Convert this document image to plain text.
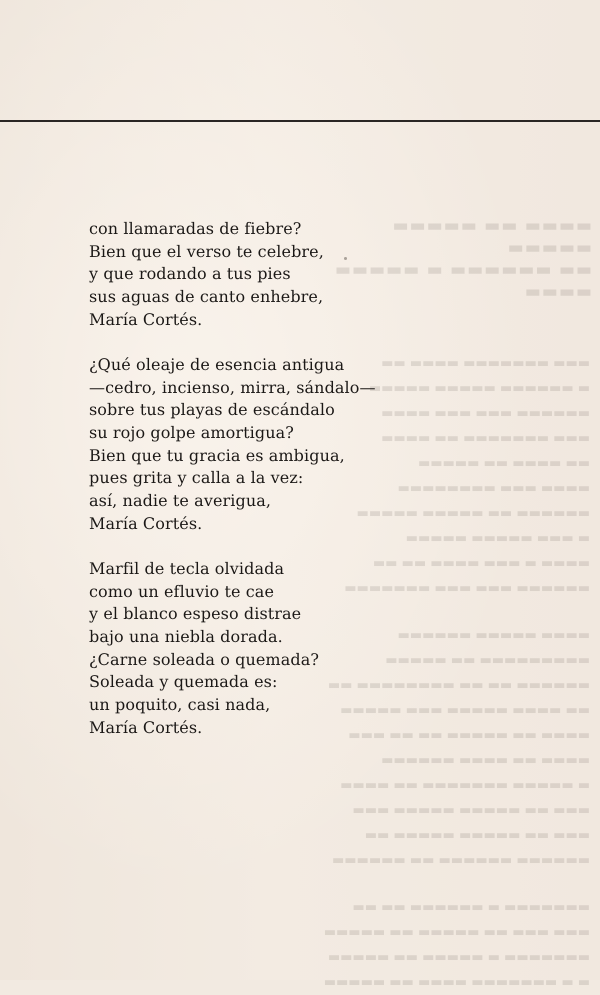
▬▬▬▬ ▬▬ ▬▬▬▬▬ ▬▬▬▬▬
▬▬ ▬▬▬▬▬▬ ▬ ▬▬▬▬▬ ▬▬▬▬
▬▬▬ ▬▬▬▬▬▬▬ ▬▬▬▬ ▬▬
▬ ▬▬▬▬▬▬ ▬▬▬▬▬ ▬▬▬▬▬
▬▬▬▬▬▬ ▬▬▬ ▬▬▬ ▬▬▬▬
▬▬▬ ▬▬▬▬▬▬▬ ▬▬ ▬▬▬▬
▬▬ ▬▬▬▬ ▬▬ ▬▬▬▬▬
▬▬▬▬ ▬▬▬ ▬▬▬▬▬▬▬▬
▬▬▬▬▬▬ ▬▬ ▬▬▬▬▬ ▬▬▬▬▬
▬ ▬▬▬ ▬▬▬▬▬ ▬▬▬▬▬
▬▬▬▬ ▬ ▬▬▬ ▬▬▬▬ ▬▬ ▬▬
▬▬▬▬▬▬ ▬▬▬ ▬▬▬ ▬▬▬▬▬▬▬
▬▬▬▬ ▬▬▬▬▬ ▬▬▬▬▬▬
▬▬▬▬▬▬▬▬▬ ▬▬ ▬▬▬▬▬
▬▬▬▬▬▬ ▬▬ ▬▬ ▬▬▬▬▬▬▬▬ ▬▬
▬▬ ▬▬▬▬ ▬▬▬▬▬ ▬▬▬ ▬▬▬▬▬
▬▬▬▬ ▬▬ ▬▬▬▬▬ ▬▬ ▬▬ ▬▬▬
▬▬▬▬ ▬▬ ▬▬▬▬ ▬▬▬▬▬▬
▬ ▬▬▬▬▬ ▬▬▬▬▬▬▬ ▬▬ ▬▬▬▬
▬▬▬ ▬▬ ▬▬▬▬▬ ▬▬▬▬▬ ▬▬▬
▬▬▬ ▬▬ ▬▬▬▬▬ ▬▬▬▬▬ ▬▬
▬▬▬▬▬▬ ▬▬▬▬▬▬ ▬▬ ▬▬▬▬▬▬
▬▬▬▬▬▬▬ ▬ ▬▬▬▬▬▬ ▬▬ ▬▬
▬▬▬ ▬▬▬ ▬▬ ▬▬▬▬▬ ▬▬ ▬▬▬▬▬
▬▬▬▬▬▬▬ ▬ ▬▬▬▬▬ ▬▬ ▬▬▬▬▬
▬ ▬ ▬▬▬▬▬▬▬ ▬▬▬▬ ▬▬ ▬▬▬▬▬
con llamaradas de fiebre?
Bien que el verso te celebre,
y que rodando a tus pies
sus aguas de canto enhebre,
María Cortés.
¿Qué oleaje de esencia antigua
—cedro, incienso, mirra, sándalo—
sobre tus playas de escándalo
su rojo golpe amortigua?
Bien que tu gracia es ambigua,
pues grita y calla a la vez:
así, nadie te averigua,
María Cortés.
Marfil de tecla olvidada
como un efluvio te cae
y el blanco espeso distrae
bajo una niebla dorada.
¿Carne soleada o quemada?
Soleada y quemada es:
un poquito, casi nada,
María Cortés.
